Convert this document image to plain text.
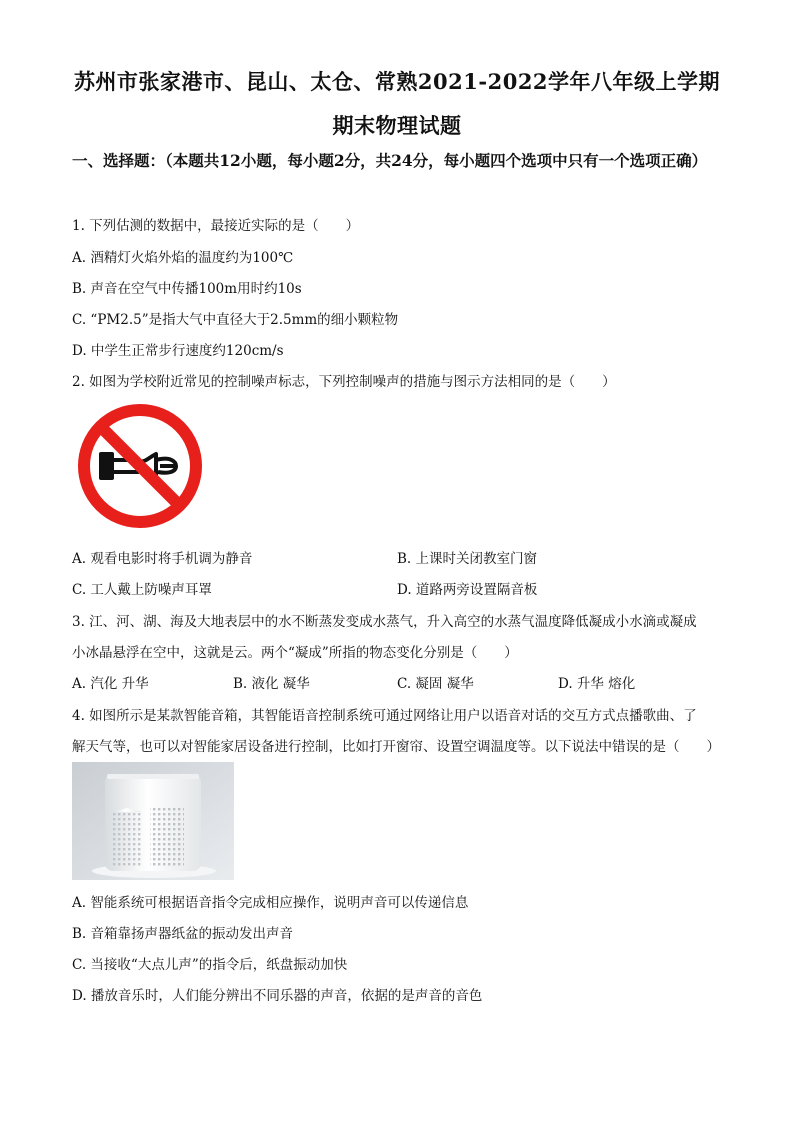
苏州市张家港市、昆山、太仓、常熟2021-2022学年八年级上学期
期末物理试题
一、选择题：（本题共12小题，每小题2分，共24分，每小题四个选项中只有一个选项正确）
1. 下列估测的数据中，最接近实际的是（　　）
A. 酒精灯火焰外焰的温度约为100℃
B. 声音在空气中传播100m用时约10s
C. “PM2.5”是指大气中直径大于2.5mm的细小颗粒物
D. 中学生正常步行速度约120cm/s
2. 如图为学校附近常见的控制噪声标志，下列控制噪声的措施与图示方法相同的是（　　）
A. 观看电影时将手机调为静音	B. 上课时关闭教室门窗
C. 工人戴上防噪声耳罩	D. 道路两旁设置隔音板
3. 江、河、湖、海及大地表层中的水不断蒸发变成水蒸气，升入高空的水蒸气温度降低凝成小水滴或凝成
小冰晶悬浮在空中，这就是云。两个“凝成”所指的物态变化分别是（　　）
A. 汽化 升华	B. 液化 凝华	C. 凝固 凝华	D. 升华 熔化
4. 如图所示是某款智能音箱，其智能语音控制系统可通过网络让用户以语音对话的交互方式点播歌曲、了
解天气等，也可以对智能家居设备进行控制，比如打开窗帘、设置空调温度等。以下说法中错误的是（　　）
A. 智能系统可根据语音指令完成相应操作，说明声音可以传递信息
B. 音箱靠扬声器纸盆的振动发出声音
C. 当接收“大点儿声”的指令后，纸盘振动加快
D. 播放音乐时，人们能分辨出不同乐器的声音，依据的是声音的音色
